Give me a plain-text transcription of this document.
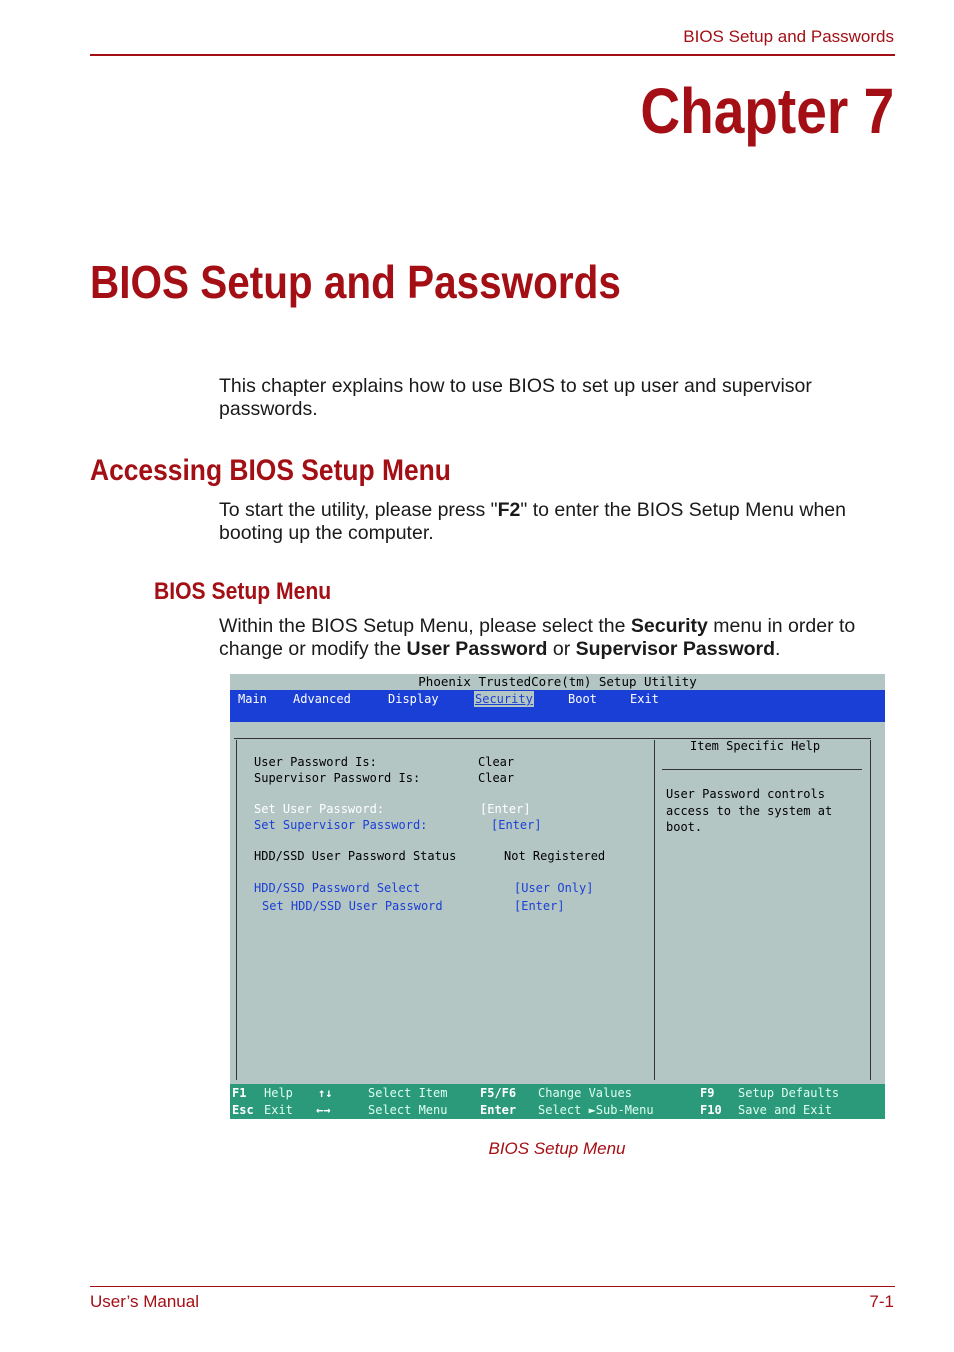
BIOS Setup and Passwords
Chapter 7
BIOS Setup and Passwords
This chapter explains how to use BIOS to set up user and supervisor passwords.
Accessing BIOS Setup Menu
To start the utility, please press "F2" to enter the BIOS Setup Menu when booting up the computer.
BIOS Setup Menu
Within the BIOS Setup Menu, please select the Security menu in order to change or modify the User Password or Supervisor Password.
Phoenix TrustedCore(tm) Setup Utility
Main Advanced	Display	Security	Boot	Exit
User Password Is:	Clear
Supervisor Password Is:	Clear
Set User Password:	[Enter]
Set Supervisor Password:	[Enter]
HDD/SSD User Password Status	Not Registered
HDD/SSD Password Select	[User Only]
Set HDD/SSD User Password	[Enter]
Item Specific Help
User Password controls
access to the system at
boot.
F1 Help ↑↓	Select Item	F5/F6 Change Values	F9 Setup Defaults
Esc Exit ←→	Select Menu	Enter Select ►Sub-Menu	F10 Save and Exit
BIOS Setup Menu
User’s Manual	7-1
